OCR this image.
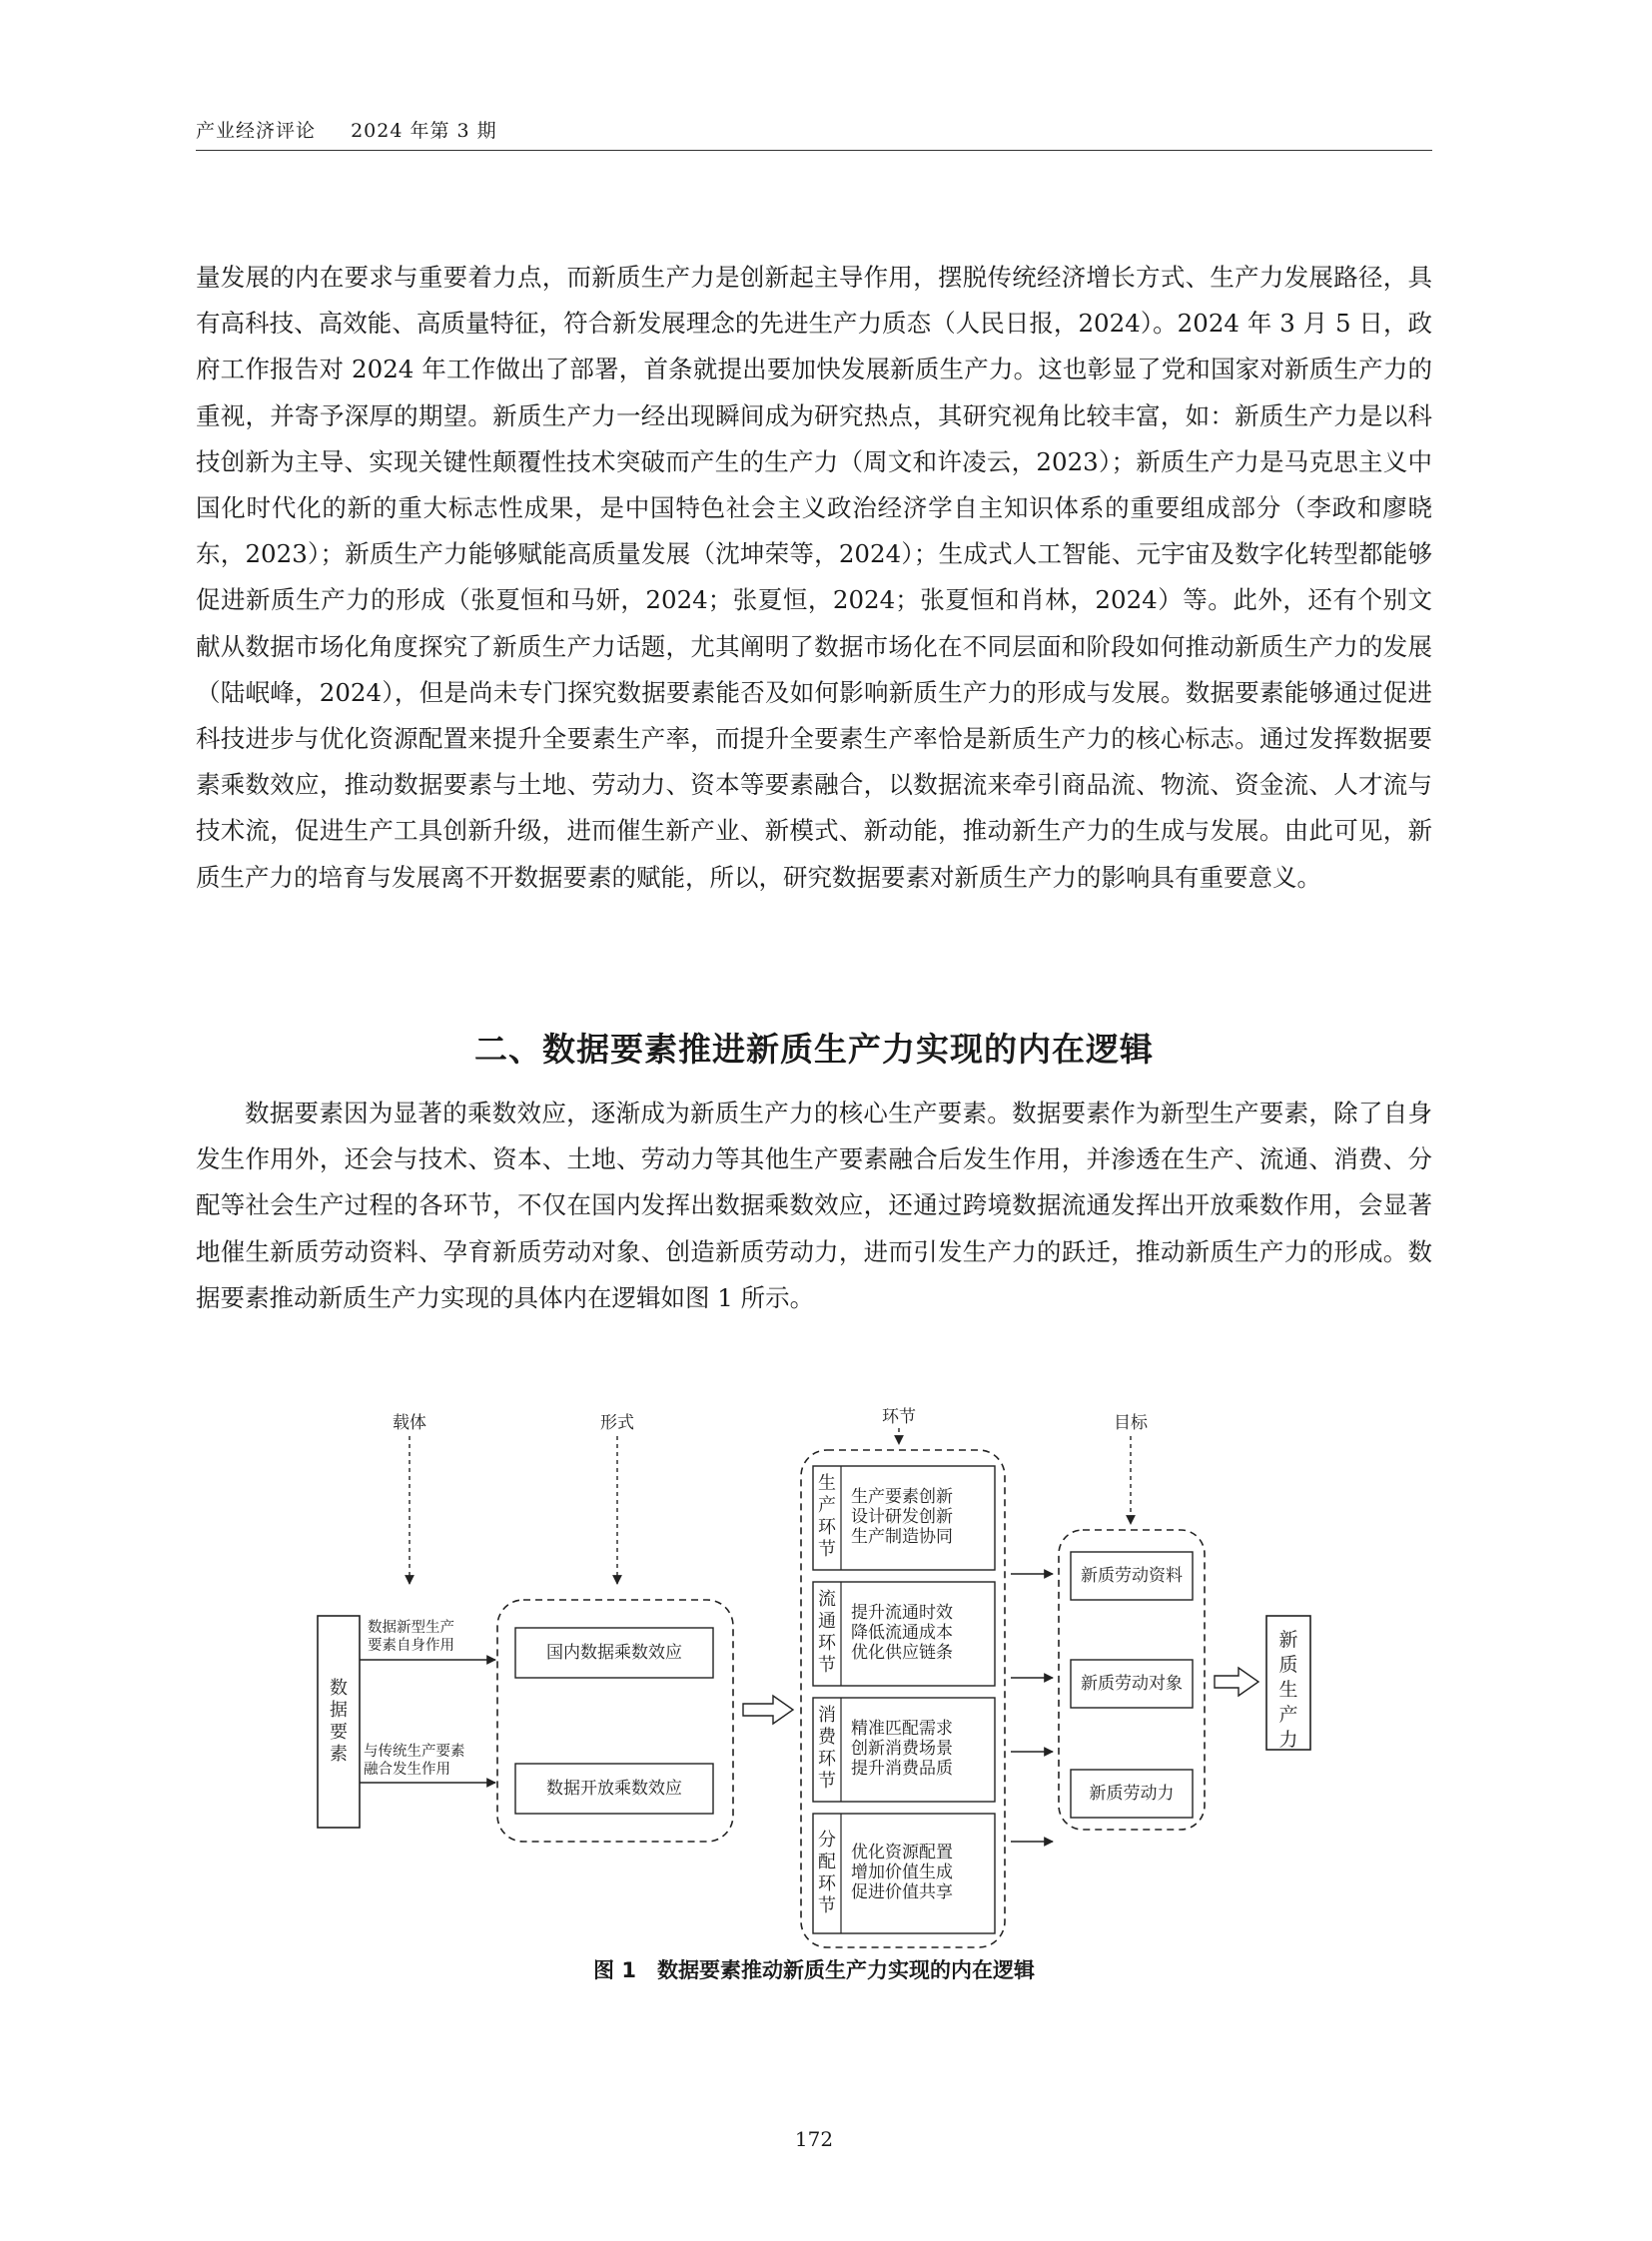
产业经济评论 2024 年第 3 期

量发展的内在要求与重要着力点，而新质生产力是创新起主导作用，摆脱传统经济增长方式、生产力发展路径，具有高科技、高效能、高质量特征，符合新发展理念的先进生产力质态（人民日报，2024）。2024 年 3 月 5 日，政府工作报告对 2024 年工作做出了部署，首条就提出要加快发展新质生产力。这也彰显了党和国家对新质生产力的重视，并寄予深厚的期望。新质生产力一经出现瞬间成为研究热点，其研究视角比较丰富，如：新质生产力是以科技创新为主导、实现关键性颠覆性技术突破而产生的生产力（周文和许凌云，2023）；新质生产力是马克思主义中国化时代化的新的重大标志性成果，是中国特色社会主义政治经济学自主知识体系的重要组成部分（李政和廖晓东，2023）；新质生产力能够赋能高质量发展（沈坤荣等，2024）；生成式人工智能、元宇宙及数字化转型都能够促进新质生产力的形成（张夏恒和马妍，2024；张夏恒，2024；张夏恒和肖林，2024）等。此外，还有个别文献从数据市场化角度探究了新质生产力话题，尤其阐明了数据市场化在不同层面和阶段如何推动新质生产力的发展（陆岷峰，2024），但是尚未专门探究数据要素能否及如何影响新质生产力的形成与发展。数据要素能够通过促进科技进步与优化资源配置来提升全要素生产率，而提升全要素生产率恰是新质生产力的核心标志。通过发挥数据要素乘数效应，推动数据要素与土地、劳动力、资本等要素融合，以数据流来牵引商品流、物流、资金流、人才流与技术流，促进生产工具创新升级，进而催生新产业、新模式、新动能，推动新生产力的生成与发展。由此可见，新质生产力的培育与发展离不开数据要素的赋能，所以，研究数据要素对新质生产力的影响具有重要意义。

二、数据要素推进新质生产力实现的内在逻辑

数据要素因为显著的乘数效应，逐渐成为新质生产力的核心生产要素。数据要素作为新型生产要素，除了自身发生作用外，还会与技术、资本、土地、劳动力等其他生产要素融合后发生作用，并渗透在生产、流通、消费、分配等社会生产过程的各环节，不仅在国内发挥出数据乘数效应，还通过跨境数据流通发挥出开放乘数作用，会显著地催生新质劳动资料、孕育新质劳动对象、创造新质劳动力，进而引发生产力的跃迁，推动新质生产力的形成。数据要素推动新质生产力实现的具体内在逻辑如图 1 所示。

载体	形式	环节	目标
数据要素
数据新型生产
要素自身作用
与传统生产要素
融合发生作用
国内数据乘数效应
数据开放乘数效应
生产环节
流通环节
消费环节
分配环节
生产要素创新
设计研发创新
生产制造协同
提升流通时效
降低流通成本
优化供应链条
精准匹配需求
创新消费场景
提升消费品质
优化资源配置
增加价值生成
促进价值共享
新质劳动资料
新质劳动对象
新质劳动力
新质生产力
图 1　数据要素推动新质生产力实现的内在逻辑
172
